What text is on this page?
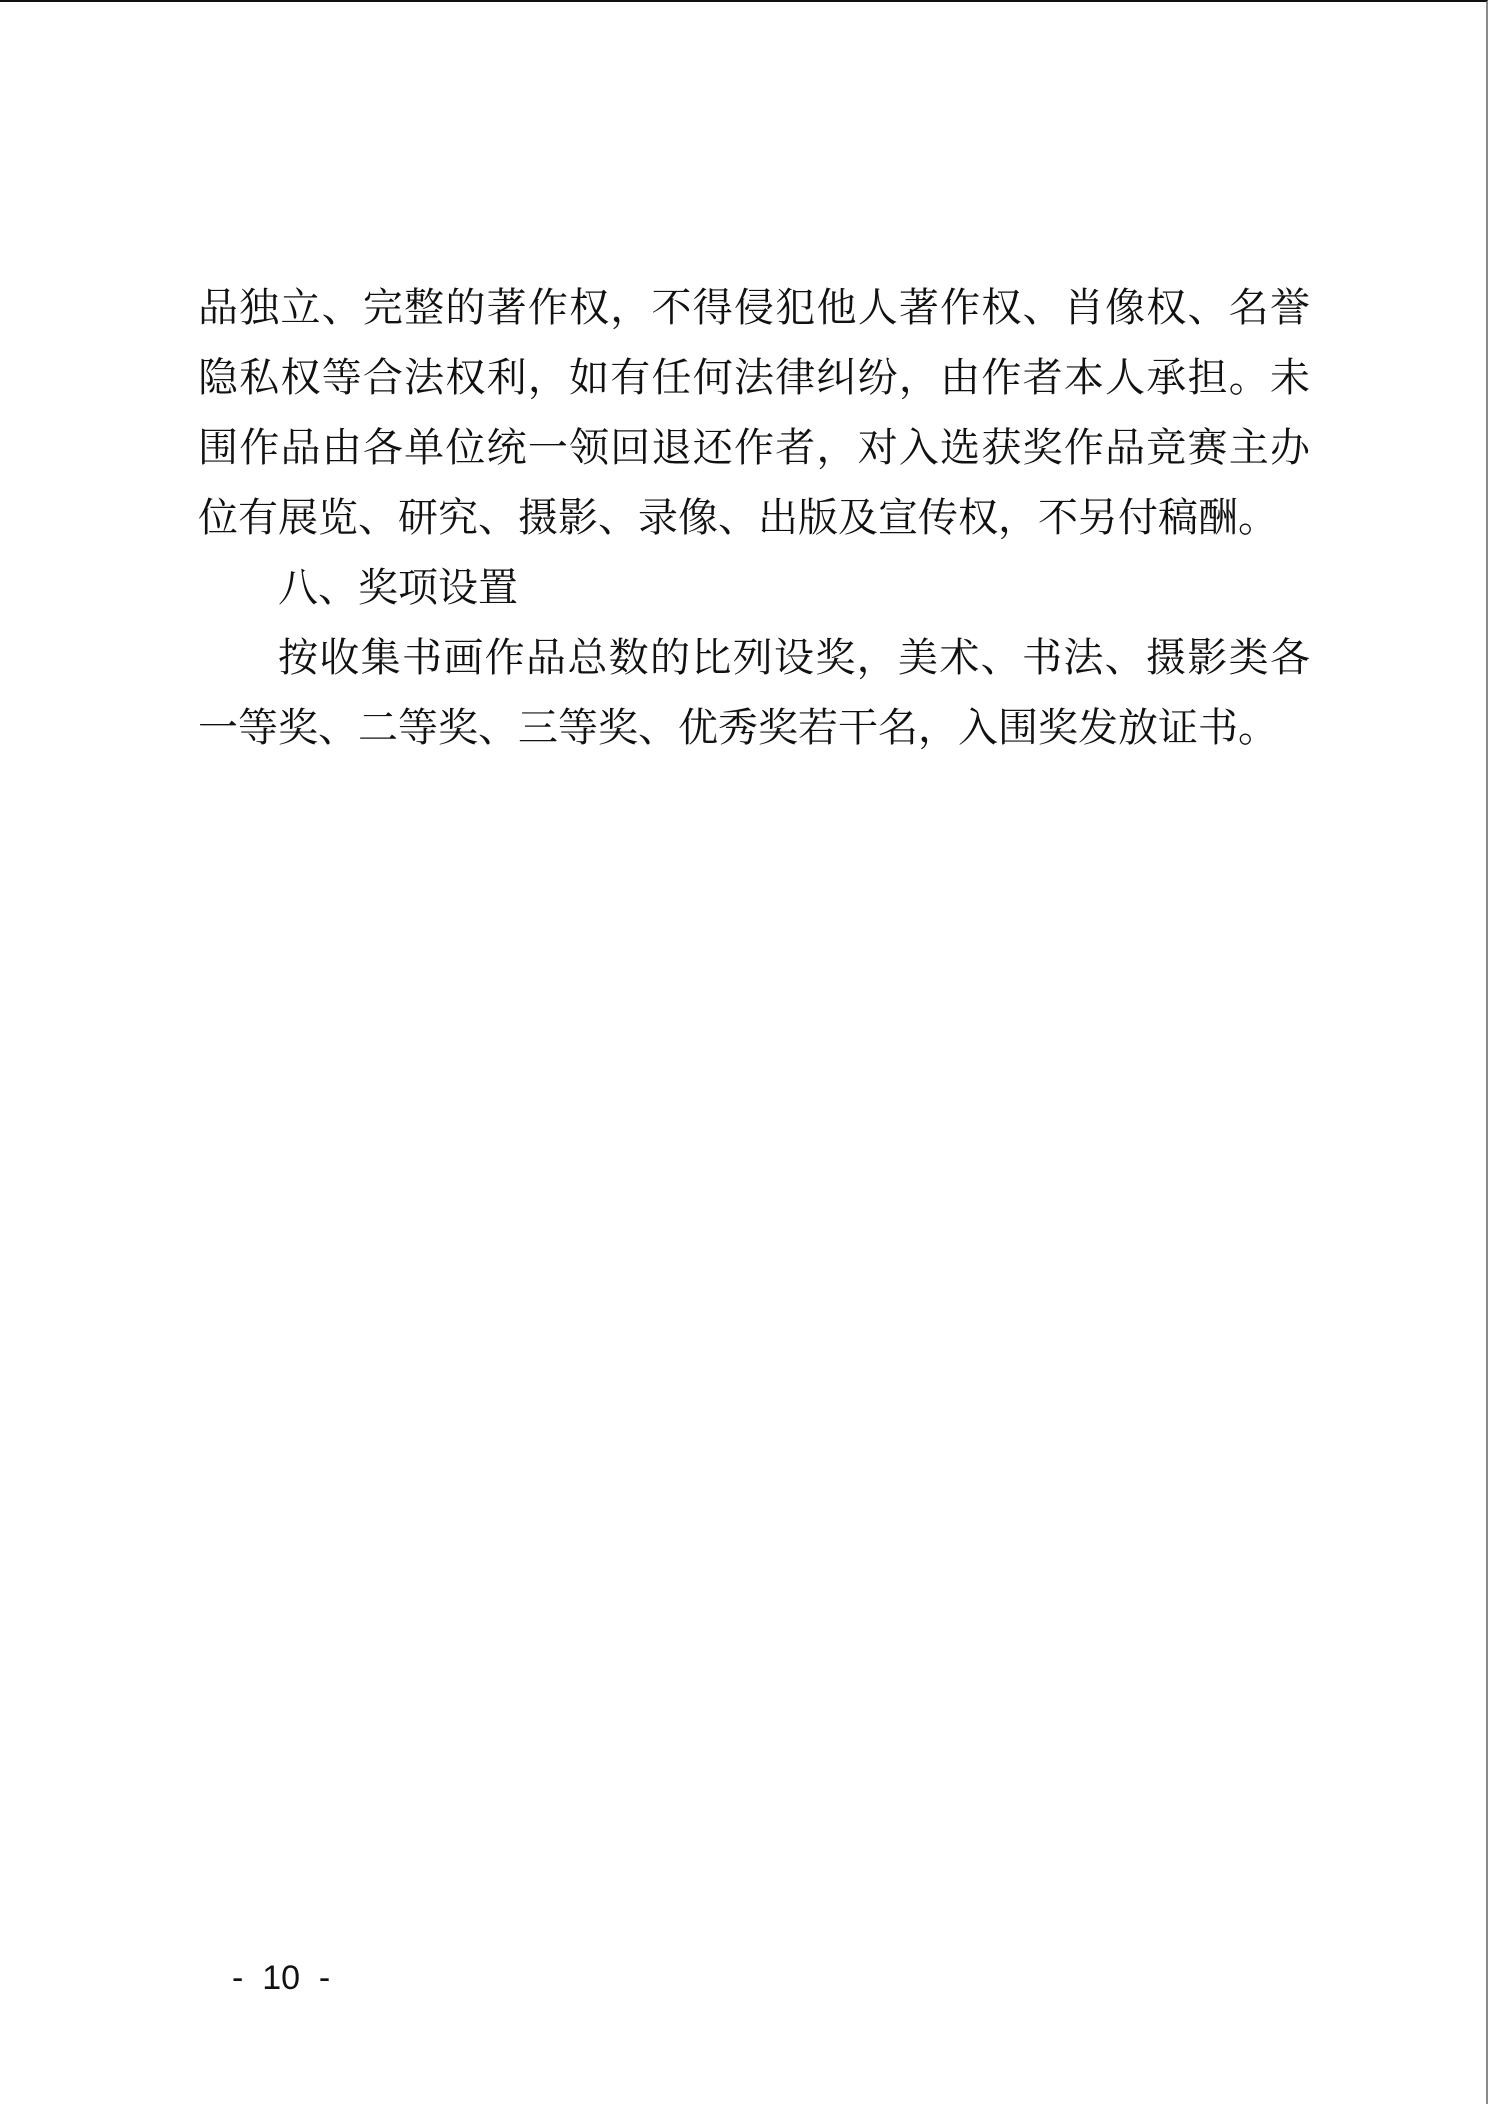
品独立、完整的著作权，不得侵犯他人著作权、肖像权、名誉
隐私权等合法权利，如有任何法律纠纷，由作者本人承担。未
围作品由各单位统一领回退还作者，对入选获奖作品竞赛主办
位有展览、研究、摄影、录像、出版及宣传权，不另付稿酬。
八、奖项设置
按收集书画作品总数的比列设奖，美术、书法、摄影类各
一等奖、二等奖、三等奖、优秀奖若干名，入围奖发放证书。
-  10  -
